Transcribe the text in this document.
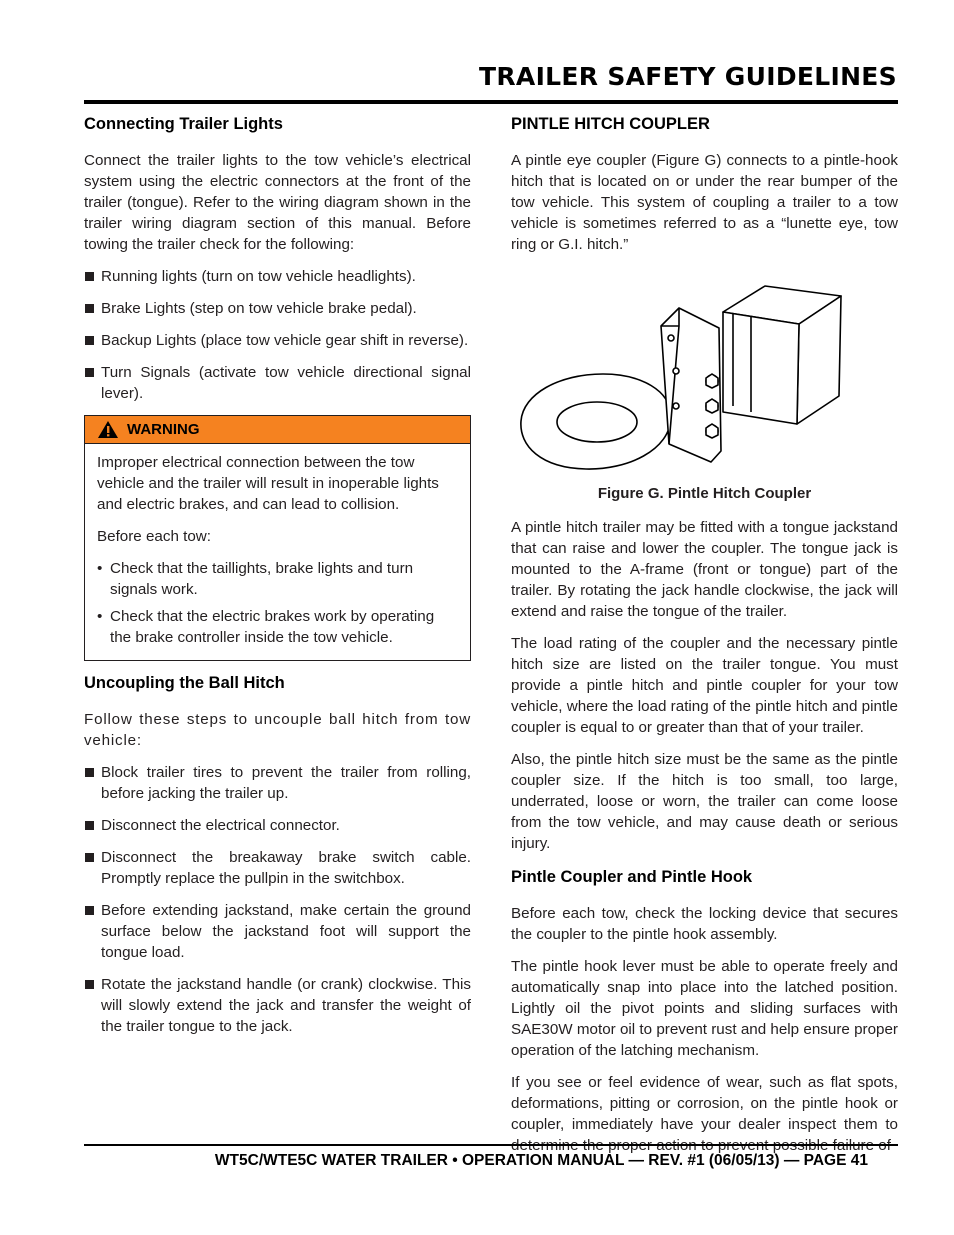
TRAILER SAFETY GUIDELINES
Connecting Trailer Lights

Connect the trailer lights to the tow vehicle’s electrical system using the electric connectors at the front of the trailer (tongue). Refer to the wiring diagram shown in the trailer wiring diagram section of this manual. Before towing the trailer check for the following:

Running lights (turn on tow vehicle headlights).
Brake Lights (step on tow vehicle brake pedal).
Backup Lights (place tow vehicle gear shift in reverse).
Turn Signals (activate tow vehicle directional signal lever).
WARNING

Improper electrical connection between the tow vehicle and the trailer will result in inoperable lights and electric brakes, and can lead to collision.

Before each tow:

• Check that the taillights, brake lights and turn signals work.
• Check that the electric brakes work by operating the brake controller inside the tow vehicle.
Uncoupling the Ball Hitch

Follow these steps to uncouple ball hitch from tow vehicle:

Block trailer tires to prevent the trailer from rolling, before jacking the trailer up.
Disconnect the electrical connector.
Disconnect the breakaway brake switch cable. Promptly replace the pullpin in the switchbox.
Before extending jackstand, make certain the ground surface below the jackstand foot will support the tongue load.
Rotate the jackstand handle (or crank) clockwise. This will slowly extend the jack and transfer the weight of the trailer tongue to the jack.
PINTLE HITCH COUPLER

A pintle eye coupler (Figure G) connects to a pintle-hook hitch that is located on or under the rear bumper of the tow vehicle. This system of coupling a trailer to a tow vehicle is sometimes referred to as a “lunette eye, tow ring or G.I. hitch.”

Figure G. Pintle Hitch Coupler

A pintle hitch trailer may be fitted with a tongue jackstand that can raise and lower the coupler. The tongue jack is mounted to the A-frame (front or tongue) part of the trailer. By rotating the jack handle clockwise, the jack will extend and raise the tongue of the trailer.

The load rating of the coupler and the necessary pintle hitch size are listed on the trailer tongue. You must provide a pintle hitch and pintle coupler for your tow vehicle, where the load rating of the pintle hitch and pintle coupler is equal to or greater than that of your trailer.

Also, the pintle hitch size must be the same as the pintle coupler size. If the hitch is too small, too large, underrated, loose or worn, the trailer can come loose from the tow vehicle, and may cause death or serious injury.

Pintle Coupler and Pintle Hook

Before each tow, check the locking device that secures the coupler to the pintle hook assembly.

The pintle hook lever must be able to operate freely and automatically snap into place into the latched position. Lightly oil the pivot points and sliding surfaces with SAE30W motor oil to prevent rust and help ensure proper operation of the latching mechanism.

If you see or feel evidence of wear, such as flat spots, deformations, pitting or corrosion, on the pintle hook or coupler, immediately have your dealer inspect them to

WT5C/WTE5C WATER TRAILER • OPERATION MANUAL — REV. #1 (06/05/13) — PAGE 41
